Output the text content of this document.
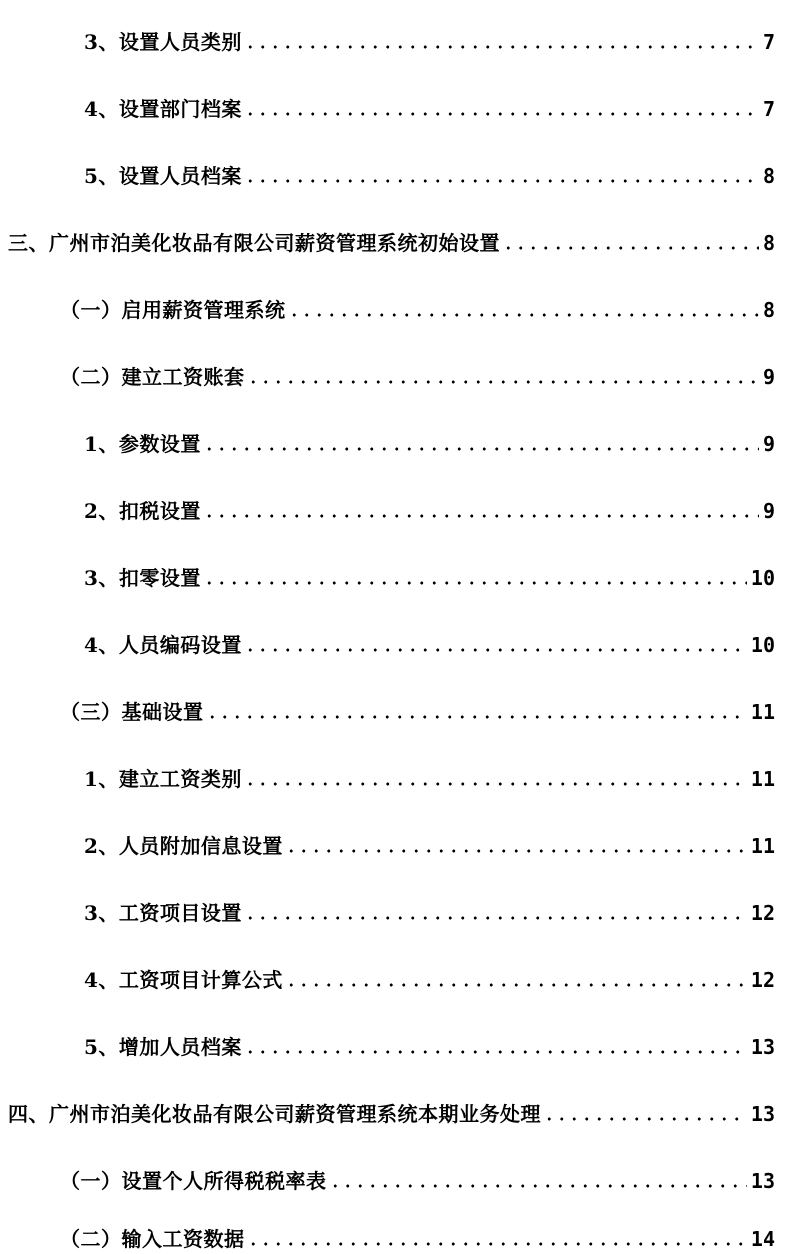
3、设置人员类别	7
4、设置部门档案	7
5、设置人员档案	8
三、广州市泊美化妆品有限公司薪资管理系统初始设置	8
（一）启用薪资管理系统	8
（二）建立工资账套	9
1、参数设置	9
2、扣税设置	9
3、扣零设置	10
4、人员编码设置	10
（三）基础设置	11
1、建立工资类别	11
2、人员附加信息设置	11
3、工资项目设置	12
4、工资项目计算公式	12
5、增加人员档案	13
四、广州市泊美化妆品有限公司薪资管理系统本期业务处理	13
（一）设置个人所得税税率表	13
（二）输入工资数据	14
